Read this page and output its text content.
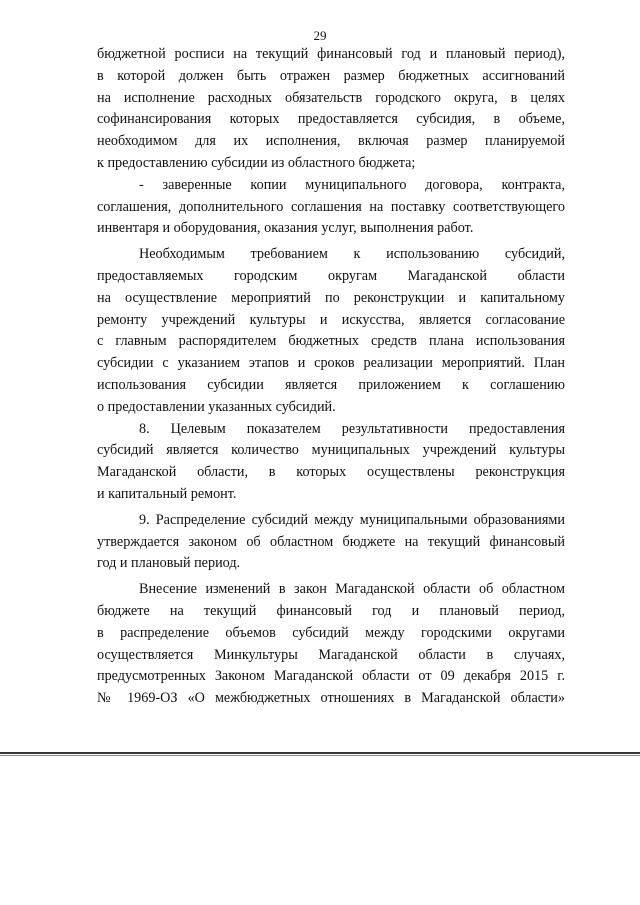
29
бюджетной росписи на текущий финансовый год и плановый период),
в которой должен быть отражен размер бюджетных ассигнований
на исполнение расходных обязательств городского округа, в целях
софинансирования которых предоставляется субсидия, в объеме,
необходимом для их исполнения, включая размер планируемой
к предоставлению субсидии из областного бюджета;
- заверенные копии муниципального договора, контракта,
соглашения, дополнительного соглашения на поставку соответствующего
инвентаря и оборудования, оказания услуг, выполнения работ.
Необходимым требованием к использованию субсидий,
предоставляемых городским округам Магаданской области
на осуществление мероприятий по реконструкции и капитальному
ремонту учреждений культуры и искусства, является согласование
с главным распорядителем бюджетных средств плана использования
субсидии с указанием этапов и сроков реализации мероприятий. План
использования субсидии является приложением к соглашению
о предоставлении указанных субсидий.
8. Целевым показателем результативности предоставления
субсидий является количество муниципальных учреждений культуры
Магаданской области, в которых осуществлены реконструкция
и капитальный ремонт.
9. Распределение субсидий между муниципальными образованиями
утверждается законом об областном бюджете на текущий финансовый
год и плановый период.
Внесение изменений в закон Магаданской области об областном
бюджете на текущий финансовый год и плановый период,
в распределение объемов субсидий между городскими округами
осуществляется Минкультуры Магаданской области в случаях,
предусмотренных Законом Магаданской области от 09 декабря 2015 г.
№ 1969-ОЗ «О межбюджетных отношениях в Магаданской области»
